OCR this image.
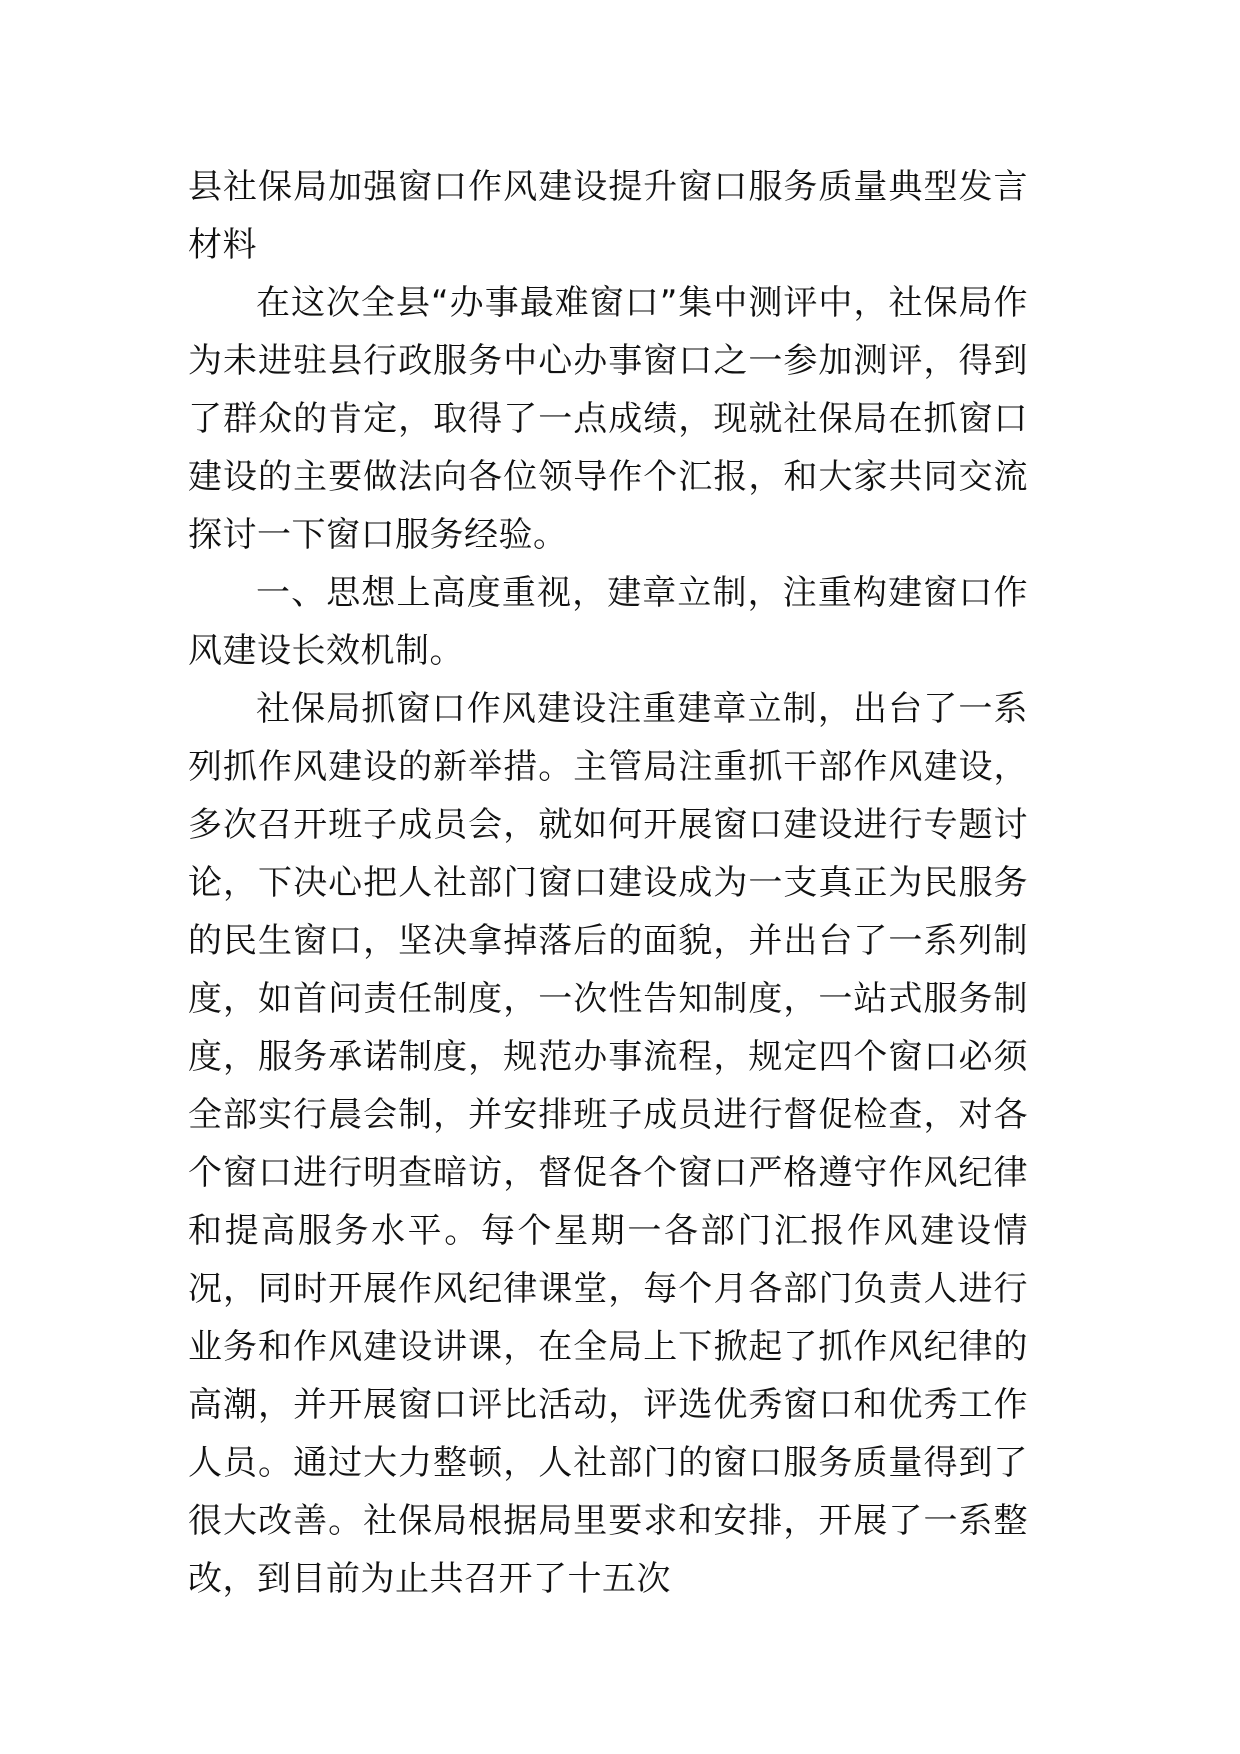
县社保局加强窗口作风建设提升窗口服务质量典型发言材料

在这次全县“办事最难窗口”集中测评中，社保局作为未进驻县行政服务中心办事窗口之一参加测评，得到了群众的肯定，取得了一点成绩，现就社保局在抓窗口建设的主要做法向各位领导作个汇报，和大家共同交流探讨一下窗口服务经验。

一、思想上高度重视，建章立制，注重构建窗口作风建设长效机制。

社保局抓窗口作风建设注重建章立制，出台了一系列抓作风建设的新举措。主管局注重抓干部作风建设，多次召开班子成员会，就如何开展窗口建设进行专题讨论，下决心把人社部门窗口建设成为一支真正为民服务的民生窗口，坚决拿掉落后的面貌，并出台了一系列制度，如首问责任制度，一次性告知制度，一站式服务制度，服务承诺制度，规范办事流程，规定四个窗口必须全部实行晨会制，并安排班子成员进行督促检查，对各个窗口进行明查暗访，督促各个窗口严格遵守作风纪律和提高服务水平。每个星期一各部门汇报作风建设情况，同时开展作风纪律课堂，每个月各部门负责人进行业务和作风建设讲课，在全局上下掀起了抓作风纪律的高潮，并开展窗口评比活动，评选优秀窗口和优秀工作人员。通过大力整顿，人社部门的窗口服务质量得到了很大改善。社保局根据局里要求和安排，开展了一系整改，到目前为止共召开了十五次
